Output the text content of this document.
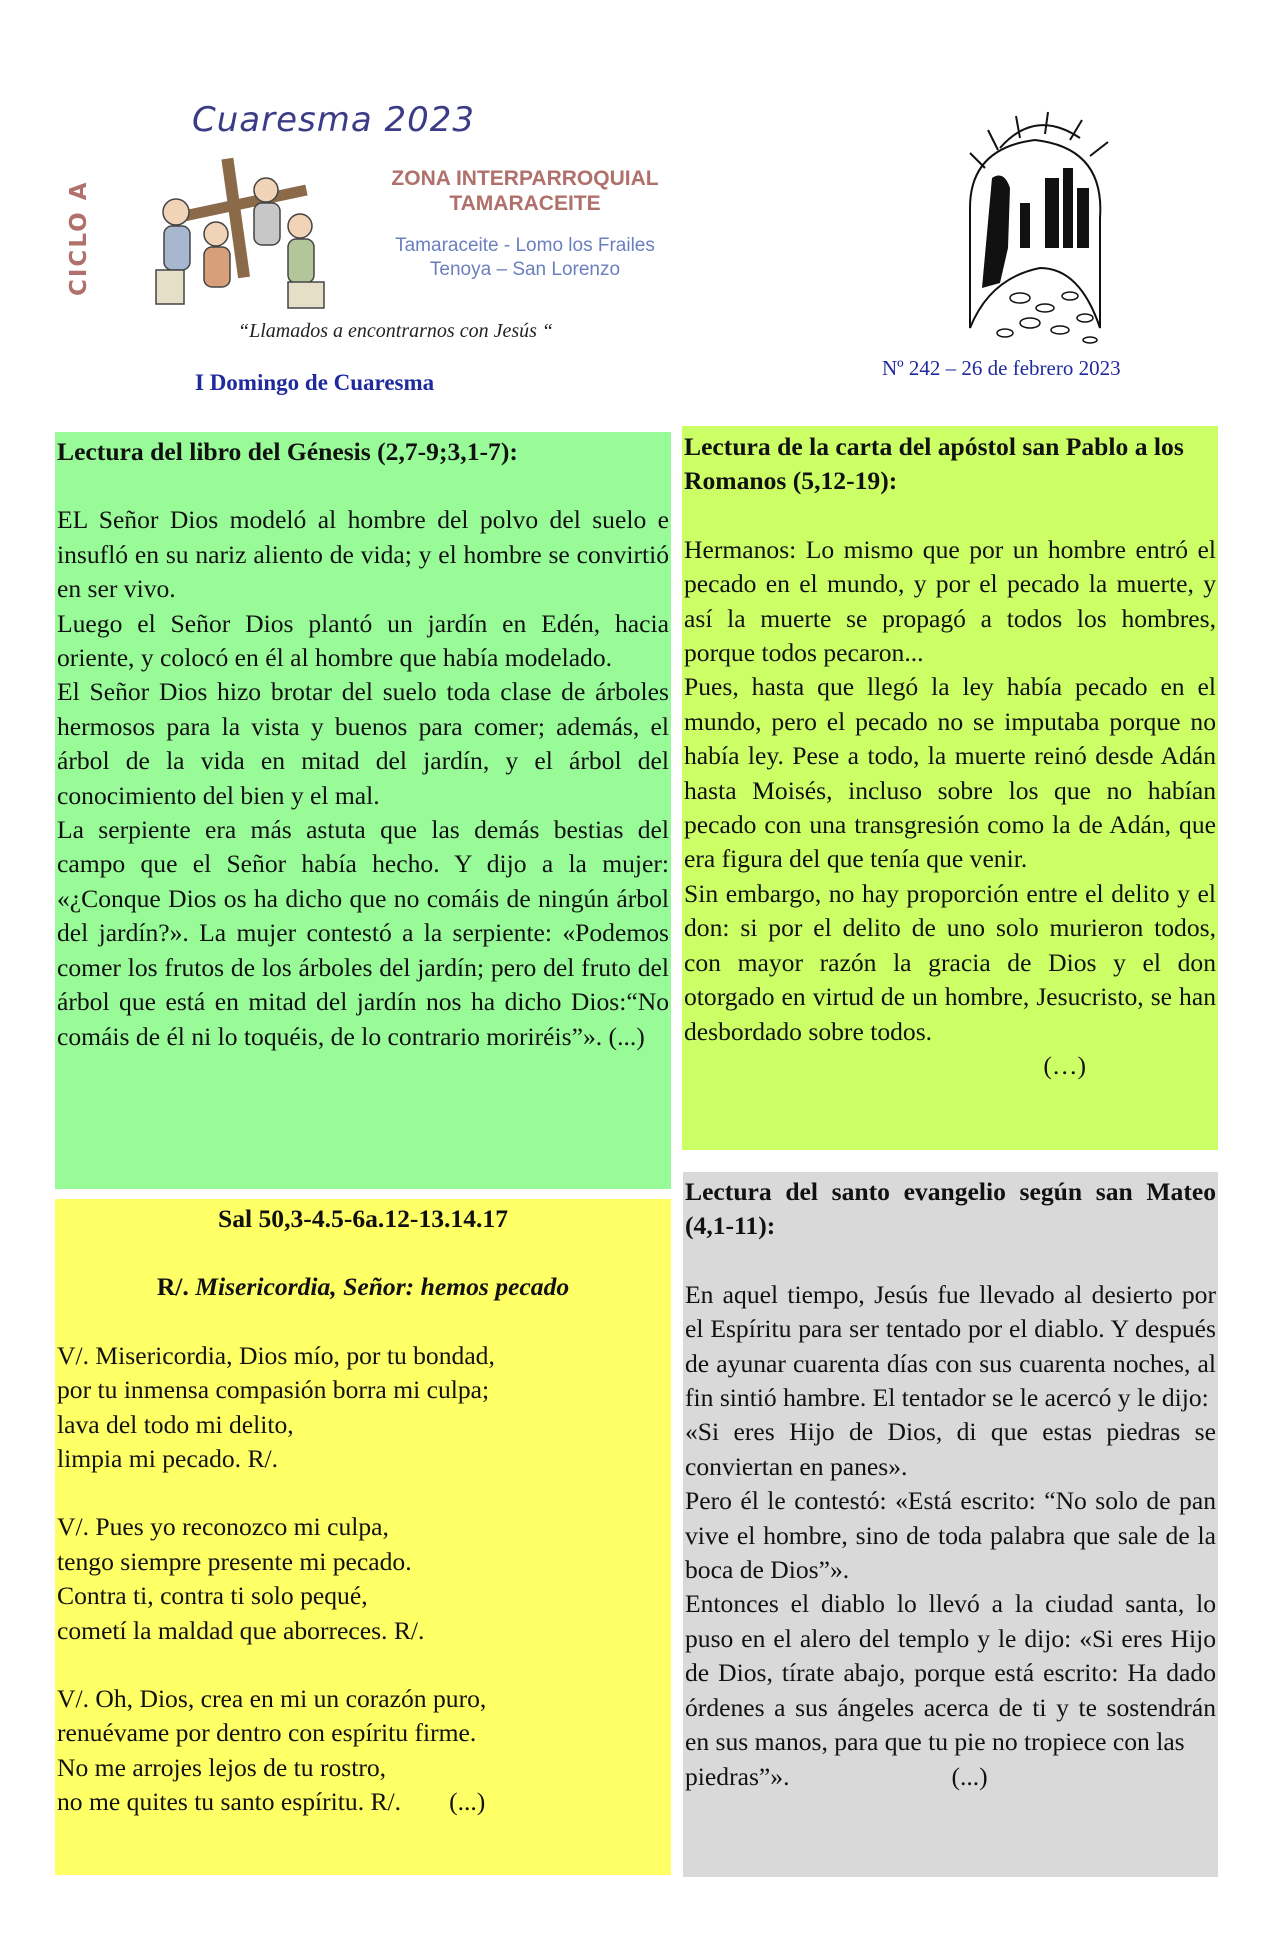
Cuaresma 2023
CICLO A
ZONA INTERPARROQUIAL
TAMARACEITE
Tamaraceite - Lomo los Frailes
Tenoya – San Lorenzo
“Llamados a encontrarnos con Jesús “
I Domingo de Cuaresma
Nº 242 – 26 de febrero 2023

Lectura del libro del Génesis (2,7-9;3,1-7):

EL Señor Dios modeló al hombre del polvo del suelo e insufló en su nariz aliento de vida; y el hombre se convirtió en ser vivo.

Luego el Señor Dios plantó un jardín en Edén, hacia oriente, y colocó en él al hombre que había modelado.

El Señor Dios hizo brotar del suelo toda clase de árboles hermosos para la vista y buenos para comer; además, el árbol de la vida en mitad del jardín, y el árbol del conocimiento del bien y el mal.

La serpiente era más astuta que las demás bestias del campo que el Señor había hecho. Y dijo a la mujer: «¿Conque Dios os ha dicho que no comáis de ningún árbol del jardín?». La mujer contestó a la serpiente: «Podemos comer los frutos de los árboles del jardín; pero del fruto del árbol que está en mitad del jardín nos ha dicho Dios:“No comáis de él ni lo toquéis, de lo contrario moriréis”». (...)

Lectura de la carta del apóstol san Pablo a los Romanos (5,12-19):

Hermanos: Lo mismo que por un hombre entró el pecado en el mundo, y por el pecado la muerte, y así la muerte se propagó a todos los hombres, porque todos pecaron...

Pues, hasta que llegó la ley había pecado en el mundo, pero el pecado no se imputaba porque no había ley. Pese a todo, la muerte reinó desde Adán hasta Moisés, incluso sobre los que no habían pecado con una transgresión como la de Adán, que era figura del que tenía que venir.

Sin embargo, no hay proporción entre el delito y el don: si por el delito de uno solo murieron todos, con mayor razón la gracia de Dios y el don otorgado en virtud de un hombre, Jesucristo, se han desbordado sobre todos.

(…)

Sal 50,3-4.5-6a.12-13.14.17

R/. Misericordia, Señor: hemos pecado

V/. Misericordia, Dios mío, por tu bondad,

por tu inmensa compasión borra mi culpa;

lava del todo mi delito,

limpia mi pecado. R/.

V/. Pues yo reconozco mi culpa,

tengo siempre presente mi pecado.

Contra ti, contra ti solo pequé,

cometí la maldad que aborreces. R/.

V/. Oh, Dios, crea en mi un corazón puro,

renuévame por dentro con espíritu firme.

No me arrojes lejos de tu rostro,

no me quites tu santo espíritu. R/. (...)

Lectura del santo evangelio según san Mateo (4,1-11):

En aquel tiempo, Jesús fue llevado al desierto por el Espíritu para ser tentado por el diablo. Y después de ayunar cuarenta días con sus cuarenta noches, al fin sintió hambre. El tentador se le acercó y le dijo:

«Si eres Hijo de Dios, di que estas piedras se conviertan en panes».

Pero él le contestó: «Está escrito: “No solo de pan vive el hombre, sino de toda palabra que sale de la boca de Dios”».

Entonces el diablo lo llevó a la ciudad santa, lo puso en el alero del templo y le dijo: «Si eres Hijo de Dios, tírate abajo, porque está escrito: Ha dado órdenes a sus ángeles acerca de ti y te sostendrán en sus manos, para que tu pie no tropiece con las

piedras”».	(...)
